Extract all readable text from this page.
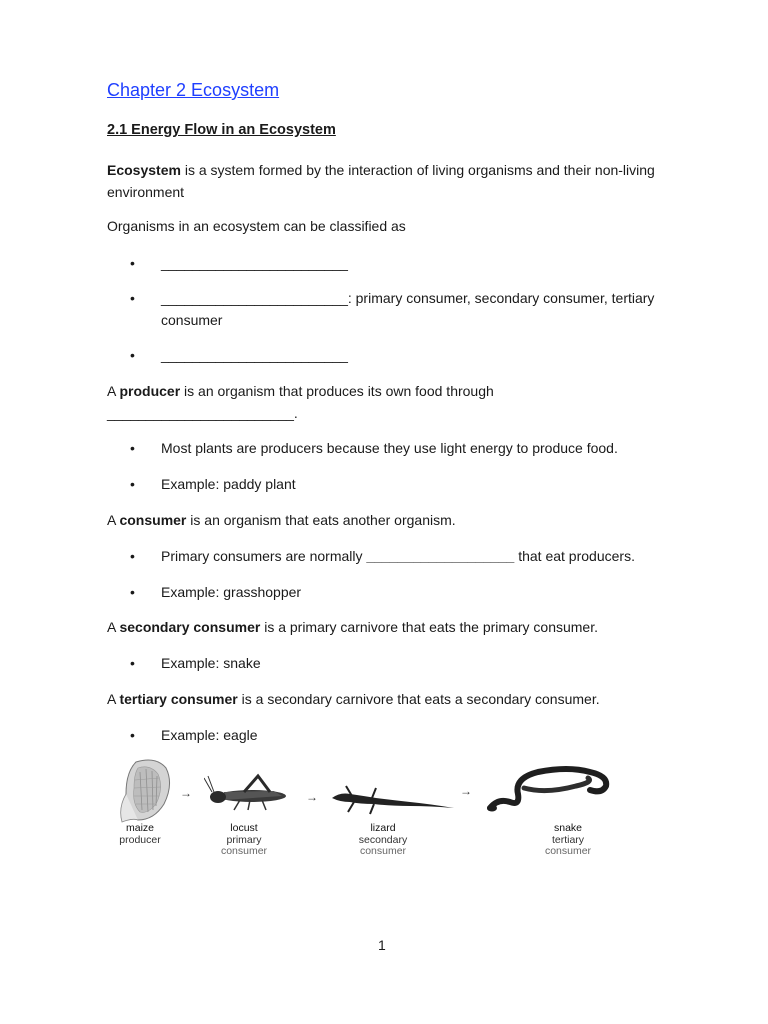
Chapter 2 Ecosystem
2.1 Energy Flow in an Ecosystem

Ecosystem is a system formed by the interaction of living organisms and their non-living environment

Organisms in an ecosystem can be classified as

• ________________________
• ________________________: primary consumer, secondary consumer, tertiary consumer
• ________________________

A producer is an organism that produces its own food through ________________________.

• Most plants are producers because they use light energy to produce food.
• Example: paddy plant

A consumer is an organism that eats another organism.

• Primary consumers are normally ___________________ that eat producers.
• Example: grasshopper

A secondary consumer is a primary carnivore that eats the primary consumer.

• Example: snake

A tertiary consumer is a secondary carnivore that eats a secondary consumer.

• Example: eagle
→	→	→
maize
producer
locust
primary
consumer
lizard
secondary
consumer
snake
tertiary
consumer

1
